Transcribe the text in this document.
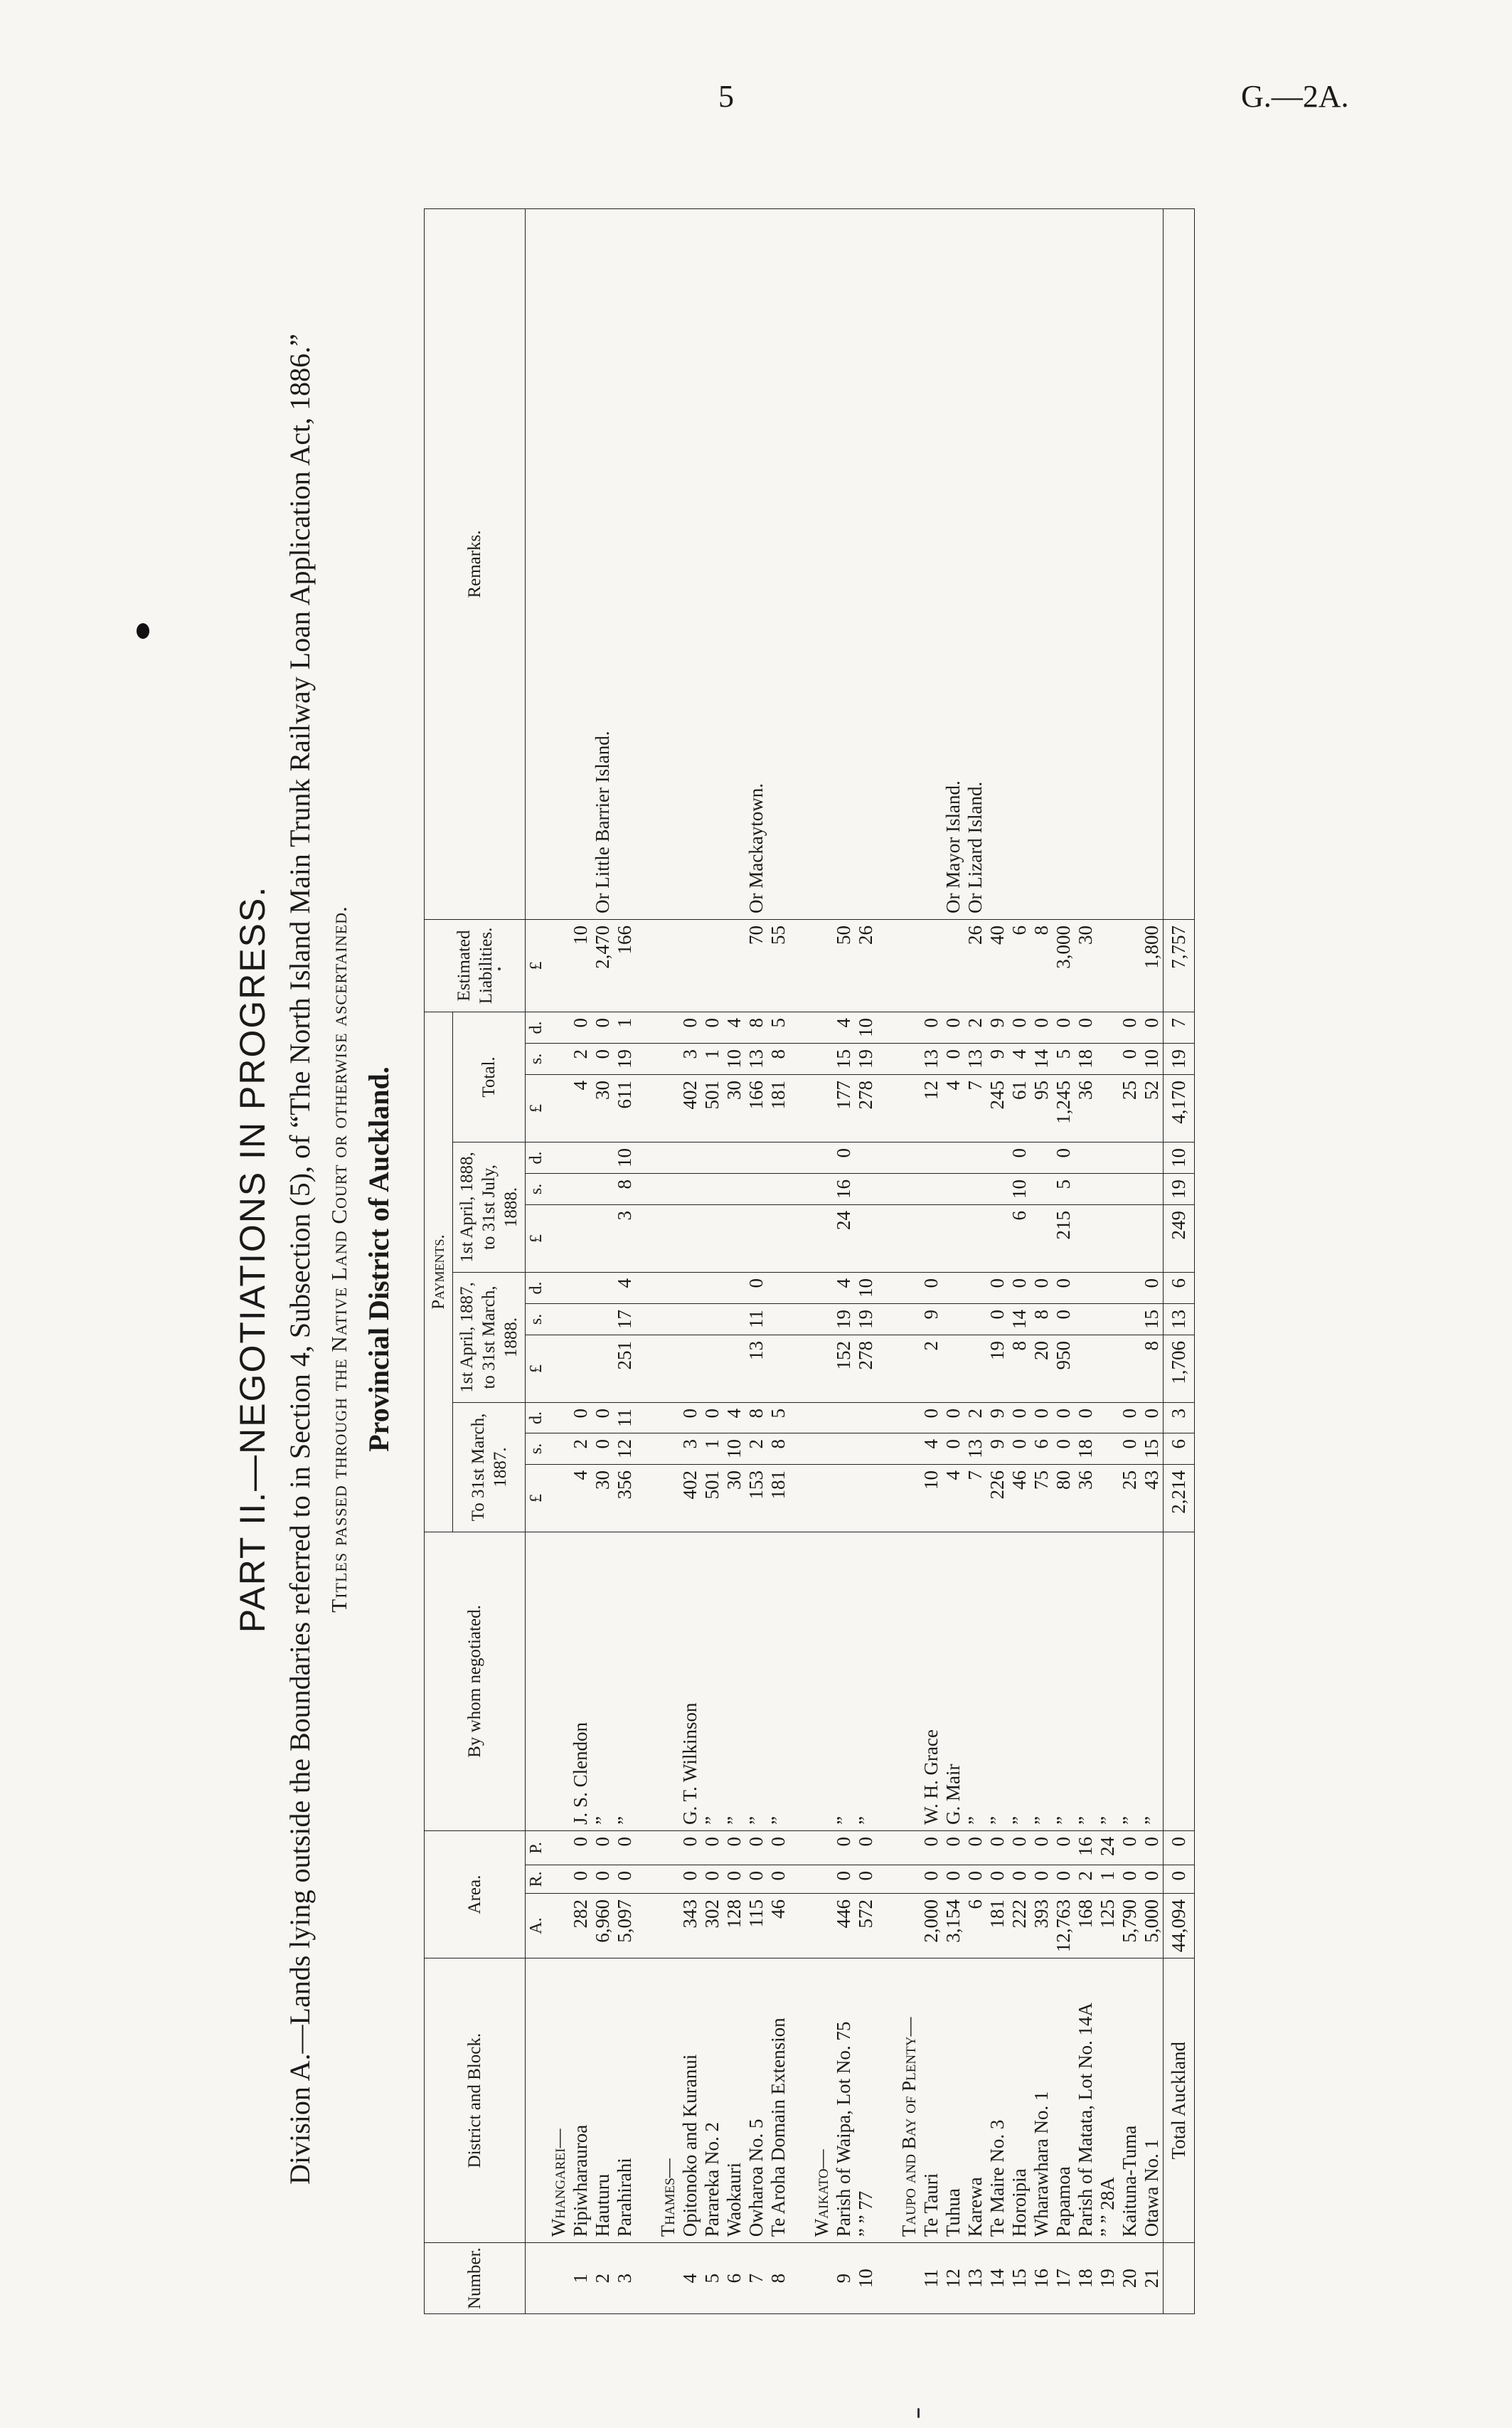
5	G.—2A.
PART II.—NEGOTIATIONS IN PROGRESS. Division A.—Lands lying outside the Boundaries referred to in Section 4, Subsection (5), of “The North Island Main Trunk Railway Loan Application Act, 1886.” Titles passed through the Native Land Court or otherwise ascertained. Provincial District of Auckland.
Number.	District and Block.	Area.			By whom negotiated.	Payments.												Estimated Liabilities.	Remarks.
						To 31st March, 1887.			1st April, 1887, to 31st March, 1888.			1st April, 1888, to 31st July, 1888.			Total.				
		A.	R.	P.		£	s.	d.	£	s.	d.	£	s.	d.	£	s.	d.	£	
	Whangarei—																		
1	Pipiwharauroa	282	0	0	J. S. Clendon	4	2	0							4	2	0	10	
2	Hauturu	6,960	0	0	”	30	0	0							30	0	0	2,470	Or Little Barrier Island.
3	Parahirahi	5,097	0	0	”	356	12	11	251	17	4	3	8	10	611	19	1	166	

	Thames—																		
4	Opitonoko and Kuranui	343	0	0	G. T. Wilkinson	402	3	0							402	3	0		
5	Parareka No. 2	302	0	0	”	501	1	0							501	1	0		
6	Waokauri	128	0	0	”	30	10	4							30	10	4		
7	Owharoa No. 5	115	0	0	”	153	2	8	13	11	0				166	13	8	70	Or Mackaytown.
8	Te Aroha Domain Extension	46	0	0	”	181	8	5							181	8	5	55	

	Waikato—																		
9	Parish of Waipa, Lot No. 75	446	0	0	”				152	19	4	24	16	0	177	15	4	50	
10	” ” 77	572	0	0	”				278	19	10				278	19	10	26	

	Taupo and Bay of Plenty—																		
11	Te Tauri	2,000	0	0	W. H. Grace	10	4	0	2	9	0				12	13	0		
12	Tuhua	3,154	0	0	G. Mair	4	0	0							4	0	0		Or Mayor Island.
13	Karewa	6	0	0	”	7	13	2							7	13	2	26	Or Lizard Island.
14	Te Maire No. 3	181	0	0	”	226	9	9	19	0	0				245	9	9	40	
15	Horoipia	222	0	0	”	46	0	0	8	14	0	6	10	0	61	4	0	6	
16	Wharawhara No. 1	393	0	0	”	75	6	0	20	8	0				95	14	0	8	
17	Papamoa	12,763	0	0	”	80	0	0	950	0	0	215	5	0	1,245	5	0	3,000	
18	Parish of Matata, Lot No. 14A	168	2	16	”	36	18	0							36	18	0	30	
19	” ” 28A	125	1	24	”														
20	Kaituna-Tuma	5,790	0	0	”	25	0	0							25	0	0		
21	Otawa No. 1	5,000	0	0	”	43	15	0	8	15	0				52	10	0	1,800	
	Total Auckland	44,094	0	0		2,214	6	3	1,706	13	6	249	19	10	4,170	19	7	7,757	
